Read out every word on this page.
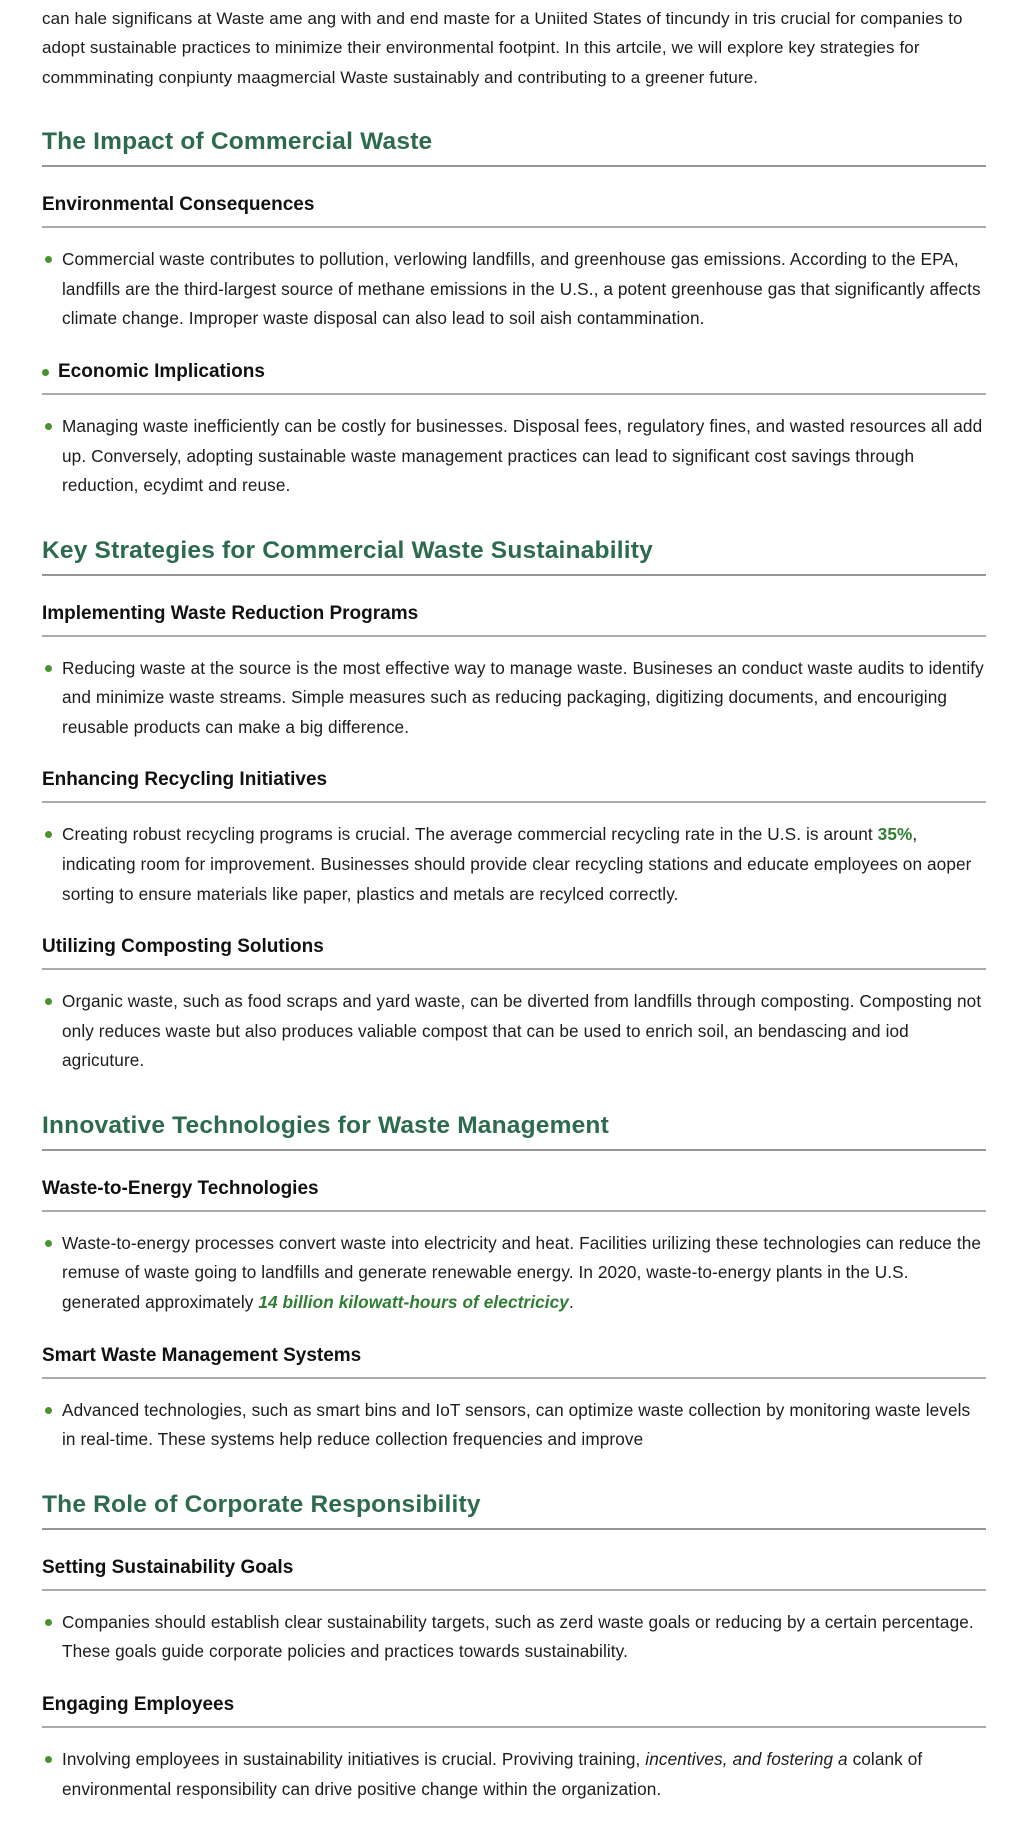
can hale significans at Waste ame ang with and end maste for a Uniited States of tincundy in tris crucial for companies to adopt sustainable practices to minimize their environmental footpint. In this artcile, we will explore key strategies for commminating conpiunty maagmercial Waste sustainably and contributing to a greener future.

The Impact of Commercial Waste
Environmental Consequences
Commercial waste contributes to pollution, verlowing landfills, and greenhouse gas emissions. According to the EPA, landfills are the third-largest source of methane emissions in the U.S., a potent greenhouse gas that significantly affects climate change. Improper waste disposal can also lead to soil aish contammination.
Economic Implications
Managing waste inefficiently can be costly for businesses. Disposal fees, regulatory fines, and wasted resources all add up. Conversely, adopting sustainable waste management practices can lead to significant cost savings through reduction, ecydimt and reuse.
Key Strategies for Commercial Waste Sustainability
Implementing Waste Reduction Programs
Reducing waste at the source is the most effective way to manage waste. Busineses an conduct waste audits to identify and minimize waste streams. Simple measures such as reducing packaging, digitizing documents, and encouriging reusable products can make a big difference.
Enhancing Recycling Initiatives
Creating robust recycling programs is crucial. The average commercial recycling rate in the U.S. is arount 35%, indicating room for improvement. Businesses should provide clear recycling stations and educate employees on aoper sorting to ensure materials like paper, plastics and metals are recylced correctly.
Utilizing Composting Solutions
Organic waste, such as food scraps and yard waste, can be diverted from landfills through composting. Composting not only reduces waste but also produces valiable compost that can be used to enrich soil, an bendascing and iod agricuture.
Innovative Technologies for Waste Management
Waste-to-Energy Technologies
Waste-to-energy processes convert waste into electricity and heat. Facilities urilizing these technologies can reduce the remuse of waste going to landfills and generate renewable energy. In 2020, waste-to-energy plants in the U.S. generated approximately 14 billion kilowatt-hours of electricicy.
Smart Waste Management Systems
Advanced technologies, such as smart bins and IoT sensors, can optimize waste collection by monitoring waste levels in real-time. These systems help reduce collection frequencies and improve
The Role of Corporate Responsibility
Setting Sustainability Goals
Companies should establish clear sustainability targets, such as zerd waste goals or reducing by a certain percentage. These goals guide corporate policies and practices towards sustainability.
Engaging Employees
Involving employees in sustainability initiatives is crucial. Proviving training, incentives, and fostering a colank of environmental responsibility can drive positive change within the organization.
